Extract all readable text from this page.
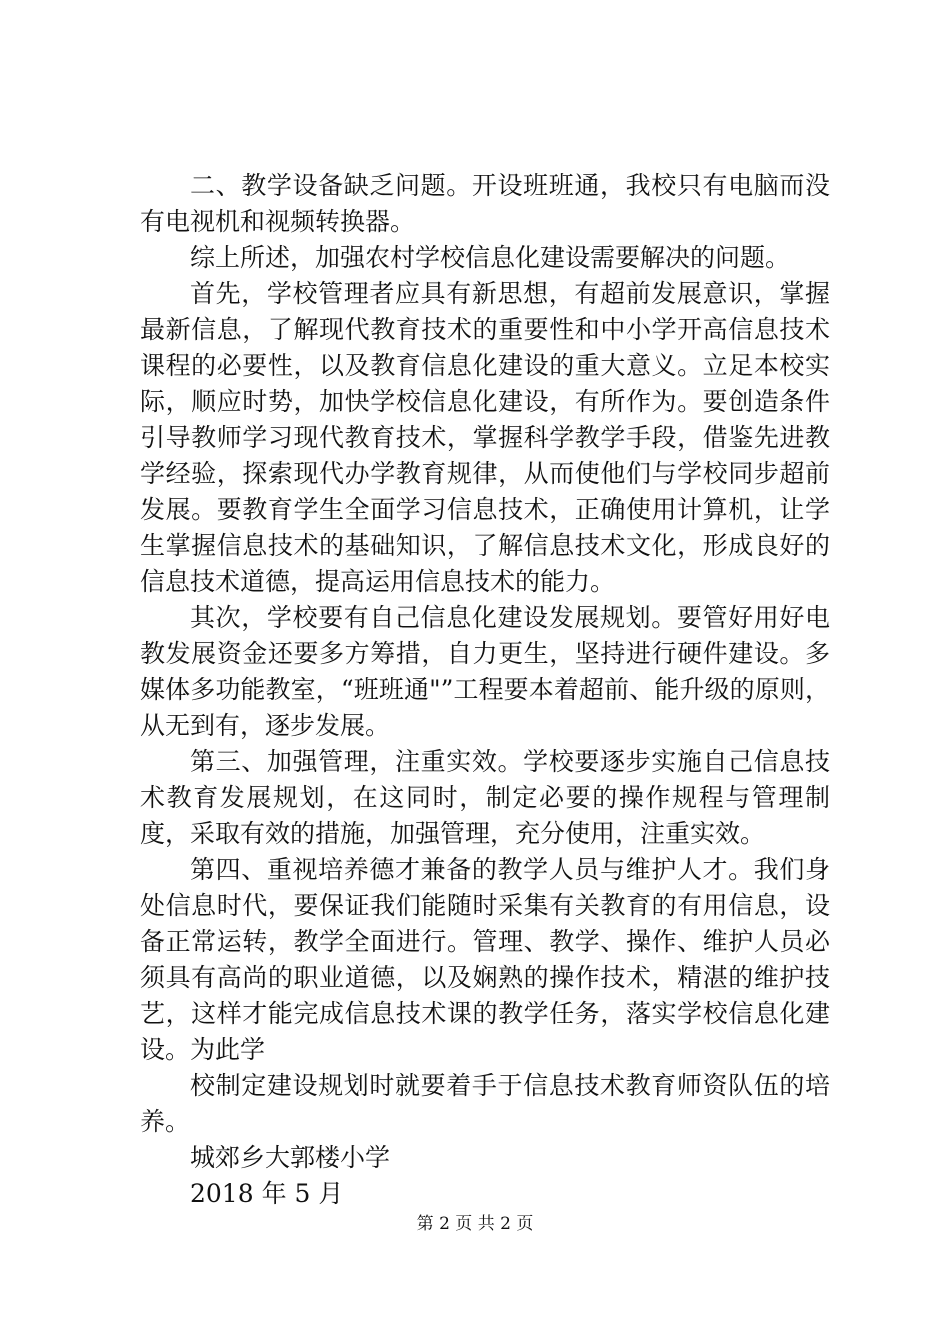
二、教学设备缺乏问题。开设班班通，我校只有电脑而没有电视机和视频转换器。

综上所述，加强农村学校信息化建设需要解决的问题。

首先，学校管理者应具有新思想，有超前发展意识，掌握最新信息，了解现代教育技术的重要性和中小学开高信息技术课程的必要性，以及教育信息化建设的重大意义。立足本校实际，顺应时势，加快学校信息化建设，有所作为。要创造条件引导教师学习现代教育技术，掌握科学教学手段，借鉴先进教学经验，探索现代办学教育规律，从而使他们与学校同步超前发展。要教育学生全面学习信息技术，正确使用计算机，让学生掌握信息技术的基础知识，了解信息技术文化，形成良好的信息技术道德，提高运用信息技术的能力。

其次，学校要有自己信息化建设发展规划。要管好用好电教发展资金还要多方筹措，自力更生，坚持进行硬件建设。多媒体多功能教室，“班班通"”工程要本着超前、能升级的原则，从无到有，逐步发展。

第三、加强管理，注重实效。学校要逐步实施自己信息技术教育发展规划，在这同时，制定必要的操作规程与管理制度，采取有效的措施，加强管理，充分使用，注重实效。

第四、重视培养德才兼备的教学人员与维护人才。我们身处信息时代，要保证我们能随时采集有关教育的有用信息，设备正常运转，教学全面进行。管理、教学、操作、维护人员必须具有高尚的职业道德，以及娴熟的操作技术，精湛的维护技艺，这样才能完成信息技术课的教学任务，落实学校信息化建设。为此学

校制定建设规划时就要着手于信息技术教育师资队伍的培养。

城郊乡大郭楼小学

2018 年 5 月

第 2 页 共 2 页
